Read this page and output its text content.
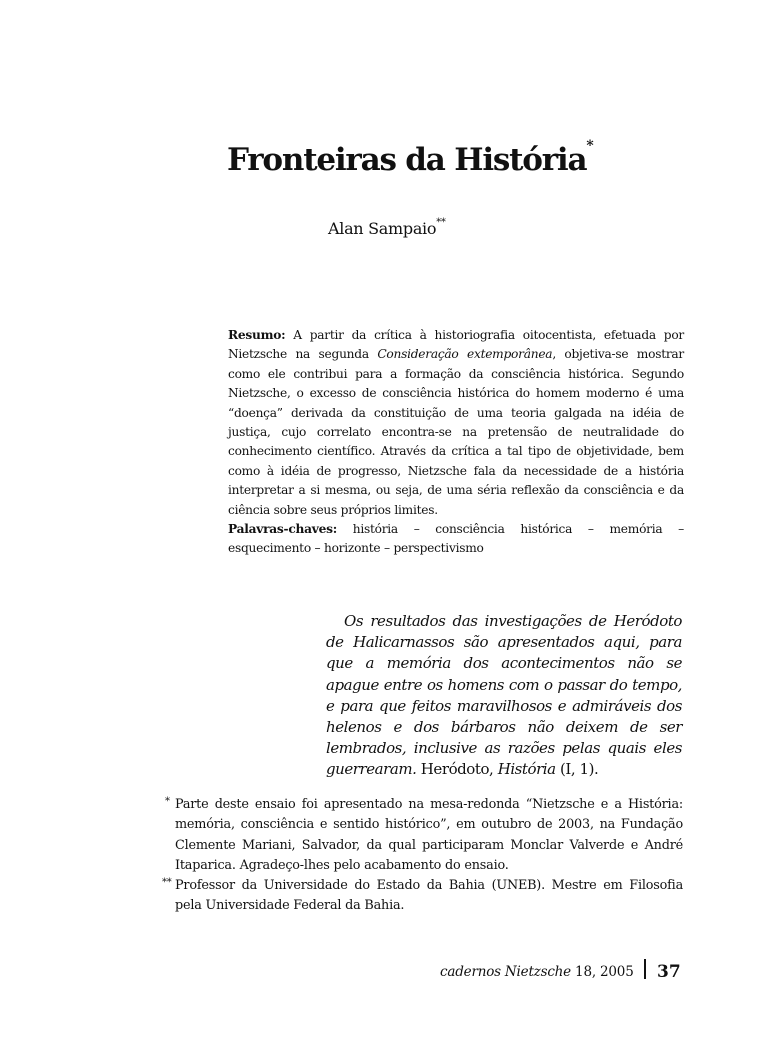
Fronteiras da História*
Alan Sampaio**

Resumo: A partir da crítica à historiografia oitocentista, efetuada por Nietzsche na segunda Consideração extemporânea, objetiva-se mostrar como ele contribui para a formação da consciência histórica. Segundo Nietzsche, o excesso de consciência histórica do homem moderno é uma “doença” derivada da constituição de uma teoria galgada na idéia de justiça, cujo correlato encontra-se na pretensão de neutralidade do conhecimento científico. Através da crítica a tal tipo de objetividade, bem como à idéia de progresso, Nietzsche fala da necessidade de a história interpretar a si mesma, ou seja, de uma séria reflexão da consciência e da ciência sobre seus próprios limites.

Palavras-chaves: história – consciência histórica – memória – esquecimento – horizonte – perspectivismo

Os resultados das investigações de Heródoto de Halicarnassos são apresentados aqui, para que a memória dos acontecimentos não se apague entre os homens com o passar do tempo, e para que feitos maravilhosos e admiráveis dos helenos e dos bárbaros não deixem de ser lembrados, inclusive as razões pelas quais eles guerrearam. Heródoto, História (I, 1).

* Parte deste ensaio foi apresentado na mesa-redonda “Nietzsche e a História: memória, consciência e sentido histórico”, em outubro de 2003, na Fundação Clemente Mariani, Salvador, da qual participaram Monclar Valverde e André Itaparica. Agradeço-lhes pelo acabamento do ensaio.

** Professor da Universidade do Estado da Bahia (UNEB). Mestre em Filosofia pela Universidade Federal da Bahia.

cadernos Nietzsche 18, 2005 37
